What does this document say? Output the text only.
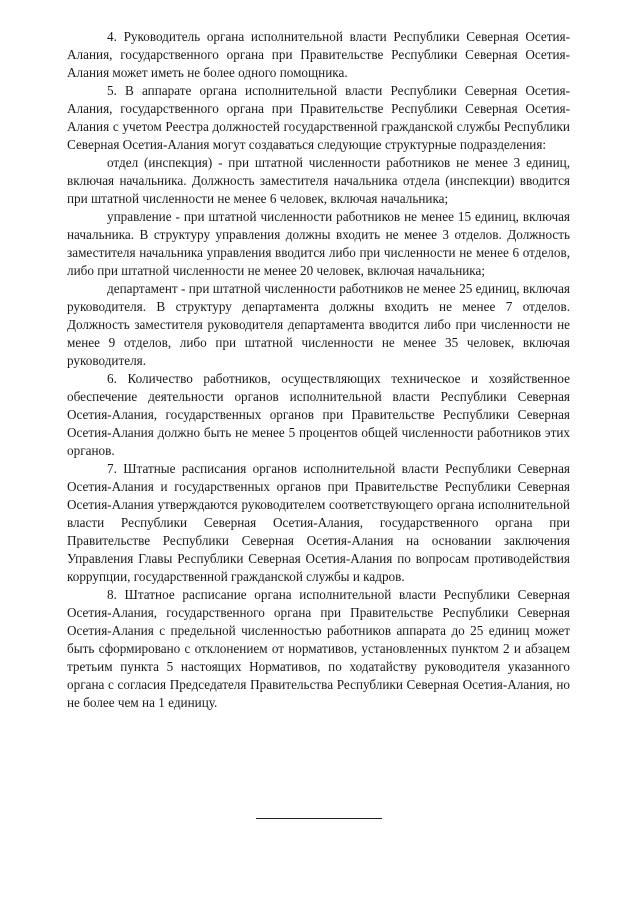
4. Руководитель органа исполнительной власти Республики Северная Осетия-Алания, государственного органа при Правительстве Республики Северная Осетия-Алания может иметь не более одного помощника.

5. В аппарате органа исполнительной власти Республики Северная Осетия-Алания, государственного органа при Правительстве Республики Северная Осетия-Алания с учетом Реестра должностей государственной гражданской службы Республики Северная Осетия-Алания могут создаваться следующие структурные подразделения:

отдел (инспекция) - при штатной численности работников не менее 3 единиц, включая начальника. Должность заместителя начальника отдела (инспекции) вводится при штатной численности не менее 6 человек, включая начальника;

управление - при штатной численности работников не менее 15 единиц, включая начальника. В структуру управления должны входить не менее 3 отделов. Должность заместителя начальника управления вводится либо при численности не менее 6 отделов, либо при штатной численности не менее 20 человек, включая начальника;

департамент - при штатной численности работников не менее 25 единиц, включая руководителя. В структуру департамента должны входить не менее 7 отделов. Должность заместителя руководителя департамента вводится либо при численности не менее 9 отделов, либо при штатной численности не менее 35 человек, включая руководителя.

6. Количество работников, осуществляющих техническое и хозяйственное обеспечение деятельности органов исполнительной власти Республики Северная Осетия-Алания, государственных органов при Правительстве Республики Северная Осетия-Алания должно быть не менее 5 процентов общей численности работников этих органов.

7. Штатные расписания органов исполнительной власти Республики Северная Осетия-Алания и государственных органов при Правительстве Республики Северная Осетия-Алания утверждаются руководителем соответствующего органа исполнительной власти Республики Северная Осетия-Алания, государственного органа при Правительстве Республики Северная Осетия-Алания на основании заключения Управления Главы Республики Северная Осетия-Алания по вопросам противодействия коррупции, государственной гражданской службы и кадров.

8. Штатное расписание органа исполнительной власти Республики Северная Осетия-Алания, государственного органа при Правительстве Республики Северная Осетия-Алания с предельной численностью работников аппарата до 25 единиц может быть сформировано с отклонением от нормативов, установленных пунктом 2 и абзацем третьим пункта 5 настоящих Нормативов, по ходатайству руководителя указанного органа с согласия Председателя Правительства Республики Северная Осетия-Алания, но не более чем на 1 единицу.
